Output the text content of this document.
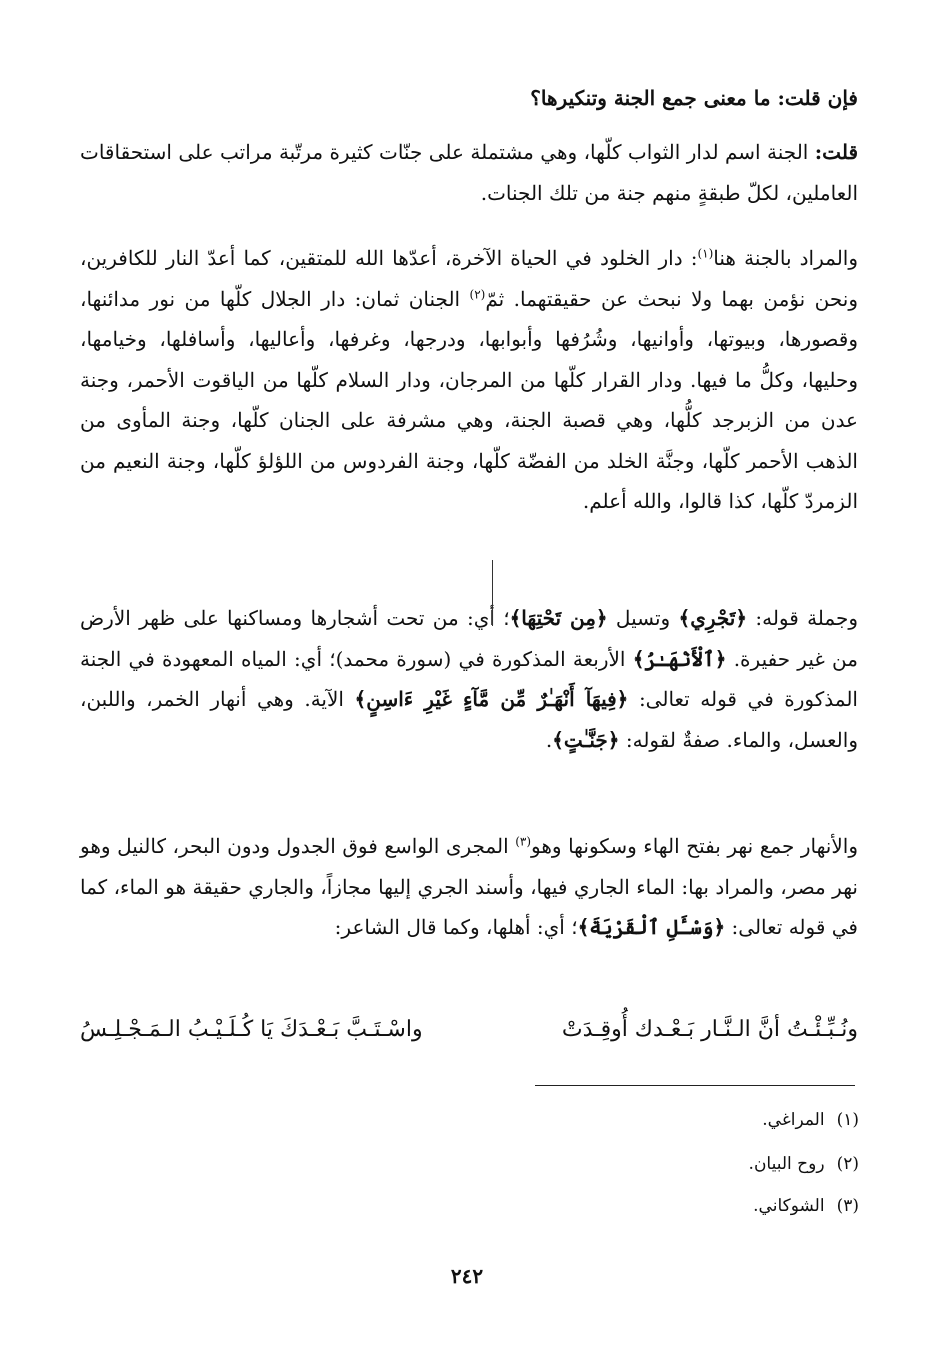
فإن قلت: ما معنى جمع الجنة وتنكيرها؟

قلت: الجنة اسم لدار الثواب كلّها، وهي مشتملة على جنّات كثيرة مرتّبة مراتب على استحقاقات العاملين، لكلّ طبقةٍ منهم جنة من تلك الجنات.

والمراد بالجنة هنا$^{(١)}$: دار الخلود في الحياة الآخرة، أعدّها الله للمتقين، كما أعدّ النار للكافرين، ونحن نؤمن بهما ولا نبحث عن حقيقتهما. ثمّ$^{(٢)}$ الجنان ثمان: دار الجلال كلّها من نور مدائنها، وقصورها، وبيوتها، وأوانيها، وشُرُفها وأبوابها، ودرجها، وغرفها، وأعاليها، وأسافلها، وخيامها، وحليها، وكلُّ ما فيها. ودار القرار كلّها من المرجان، ودار السلام كلّها من الياقوت الأحمر، وجنة عدن من الزبرجد كلُّها، وهي قصبة الجنة، وهي مشرفة على الجنان كلّها، وجنة المأوى من الذهب الأحمر كلّها، وجنَّة الخلد من الفضّة كلّها، وجنة الفردوس من اللؤلؤ كلّها، وجنة النعيم من الزمردّ كلّها، كذا قالوا، والله أعلم.

وجملة قوله: ﴿تَجْرِي﴾ وتسيل ﴿مِن تَحْتِهَا﴾؛ أي: من تحت أشجارها ومساكنها على ظهر الأرض من غير حفيرة. ﴿ٱلْأَنْهَـٰرُ﴾ الأربعة المذكورة في (سورة محمد)؛ أي: المياه المعهودة في الجنة المذكورة في قوله تعالى: ﴿فِيهَآ أَنْهَـٰرٌ مِّن مَّآءٍ غَيْرِ ءَاسِنٍ﴾ الآية. وهي أنهار الخمر، واللبن، والعسل، والماء. صفةٌ لقوله: ﴿جَنَّـٰتٍ﴾.

والأنهار جمع نهر بفتح الهاء وسكونها وهو$^{(٣)}$ المجرى الواسع فوق الجدول ودون البحر، كالنيل وهو نهر مصر، والمراد بها: الماء الجاري فيها، وأسند الجري إليها مجازاً، والجاري حقيقة هو الماء، كما في قوله تعالى: ﴿وَسْـَٔلِ ٱلْقَرْيَةَ﴾؛ أي: أهلها، وكما قال الشاعر:

ونُـبِّـئْـتُ أنَّ الـنَّـار بَـعْـدك أُوقِـدَتْ
واسْـتَـبَّ بَـعْـدَكَ يَا كُـلَـيْـبُ الـمَـجْـلِـسُ
(١)المراغي.
(٢)روح البيان.
(٣)الشوكاني.
٢٤٢
